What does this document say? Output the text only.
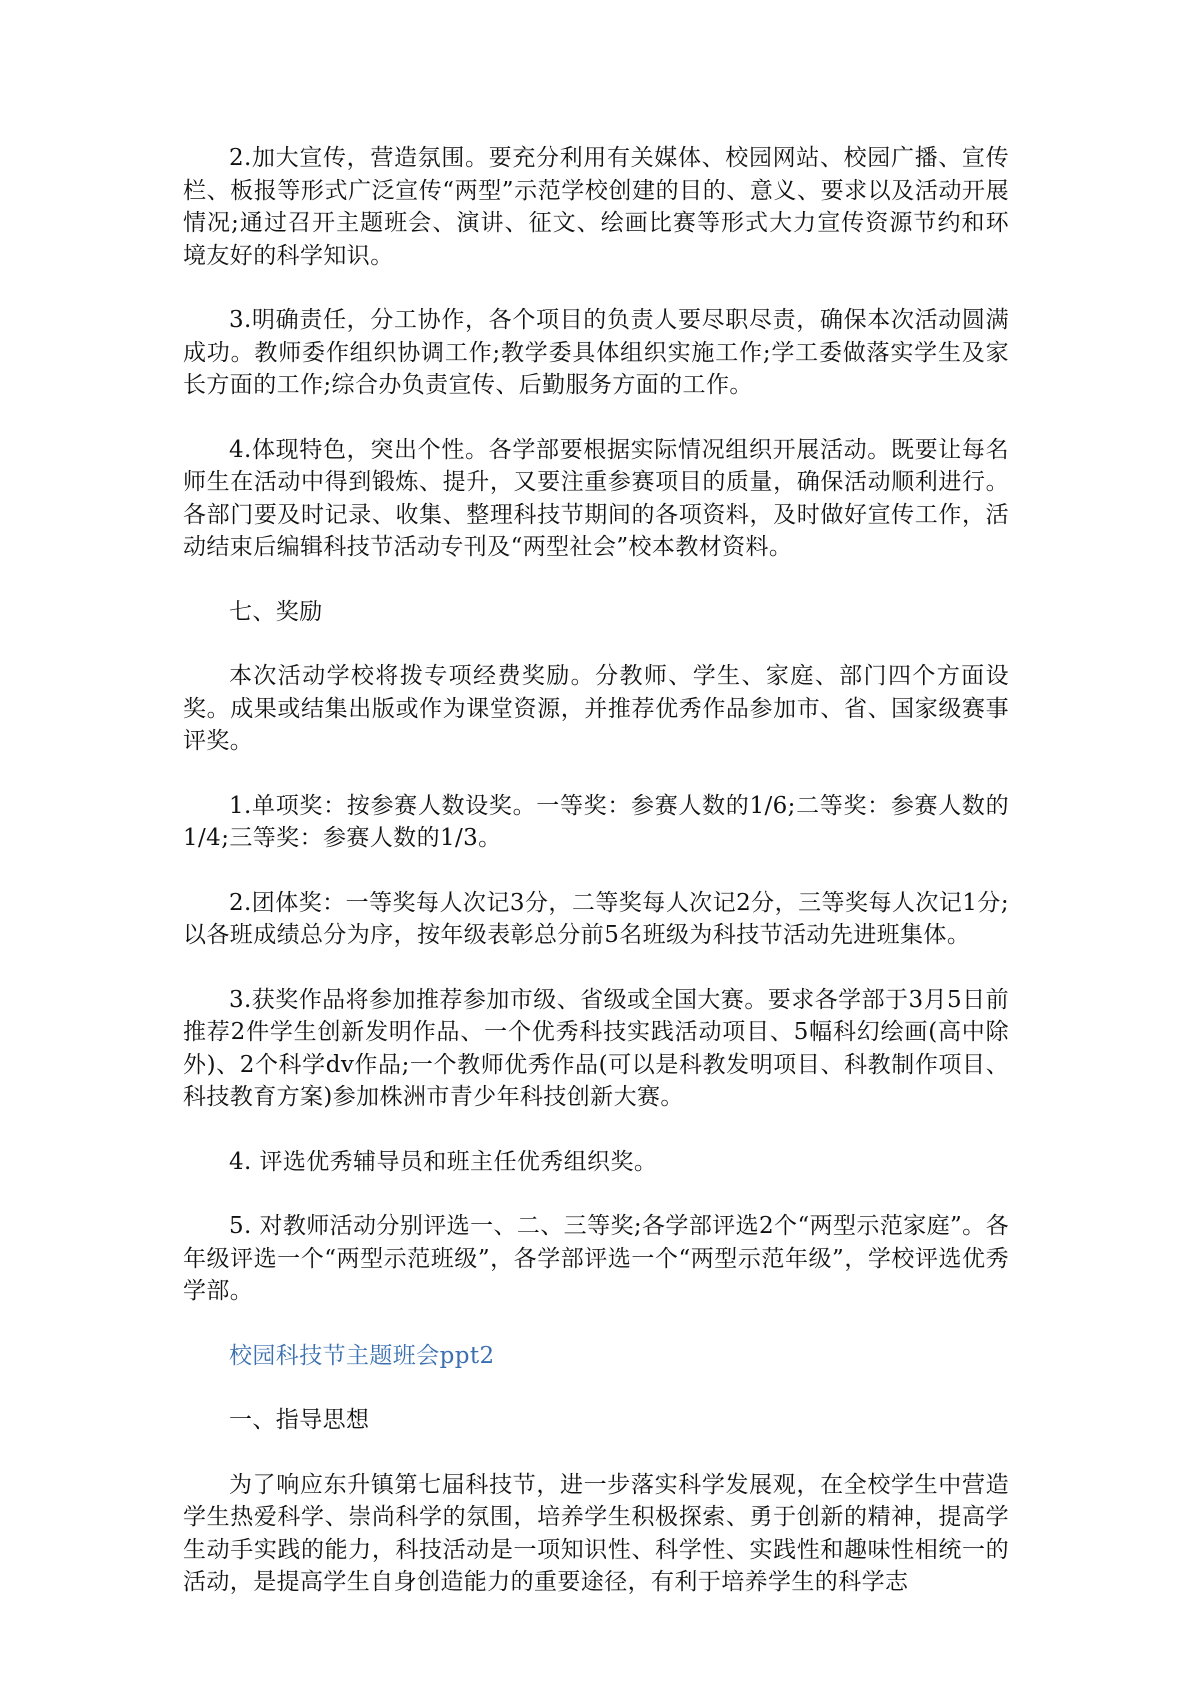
2.加大宣传，营造氛围。要充分利用有关媒体、校园网站、校园广播、宣传栏、板报等形式广泛宣传“两型”示范学校创建的目的、意义、要求以及活动开展情况;通过召开主题班会、演讲、征文、绘画比赛等形式大力宣传资源节约和环境友好的科学知识。

3.明确责任，分工协作，各个项目的负责人要尽职尽责，确保本次活动圆满成功。教师委作组织协调工作;教学委具体组织实施工作;学工委做落实学生及家长方面的工作;综合办负责宣传、后勤服务方面的工作。

4.体现特色，突出个性。各学部要根据实际情况组织开展活动。既要让每名师生在活动中得到锻炼、提升，又要注重参赛项目的质量，确保活动顺利进行。各部门要及时记录、收集、整理科技节期间的各项资料，及时做好宣传工作，活动结束后编辑科技节活动专刊及“两型社会”校本教材资料。

七、奖励

本次活动学校将拨专项经费奖励。分教师、学生、家庭、部门四个方面设奖。成果或结集出版或作为课堂资源，并推荐优秀作品参加市、省、国家级赛事评奖。

1.单项奖：按参赛人数设奖。一等奖：参赛人数的1/6;二等奖：参赛人数的1/4;三等奖：参赛人数的1/3。

2.团体奖：一等奖每人次记3分，二等奖每人次记2分，三等奖每人次记1分;以各班成绩总分为序，按年级表彰总分前5名班级为科技节活动先进班集体。

3.获奖作品将参加推荐参加市级、省级或全国大赛。要求各学部于3月5日前推荐2件学生创新发明作品、一个优秀科技实践活动项目、5幅科幻绘画(高中除外)、2个科学dv作品;一个教师优秀作品(可以是科教发明项目、科教制作项目、科技教育方案)参加株洲市青少年科技创新大赛。

4. 评选优秀辅导员和班主任优秀组织奖。

5. 对教师活动分别评选一、二、三等奖;各学部评选2个“两型示范家庭”。各年级评选一个“两型示范班级”，各学部评选一个“两型示范年级”，学校评选优秀学部。

校园科技节主题班会ppt2

一、指导思想

为了响应东升镇第七届科技节，进一步落实科学发展观，在全校学生中营造学生热爱科学、崇尚科学的氛围，培养学生积极探索、勇于创新的精神，提高学生动手实践的能力，科技活动是一项知识性、科学性、实践性和趣味性相统一的活动，是提高学生自身创造能力的重要途径，有利于培养学生的科学志
